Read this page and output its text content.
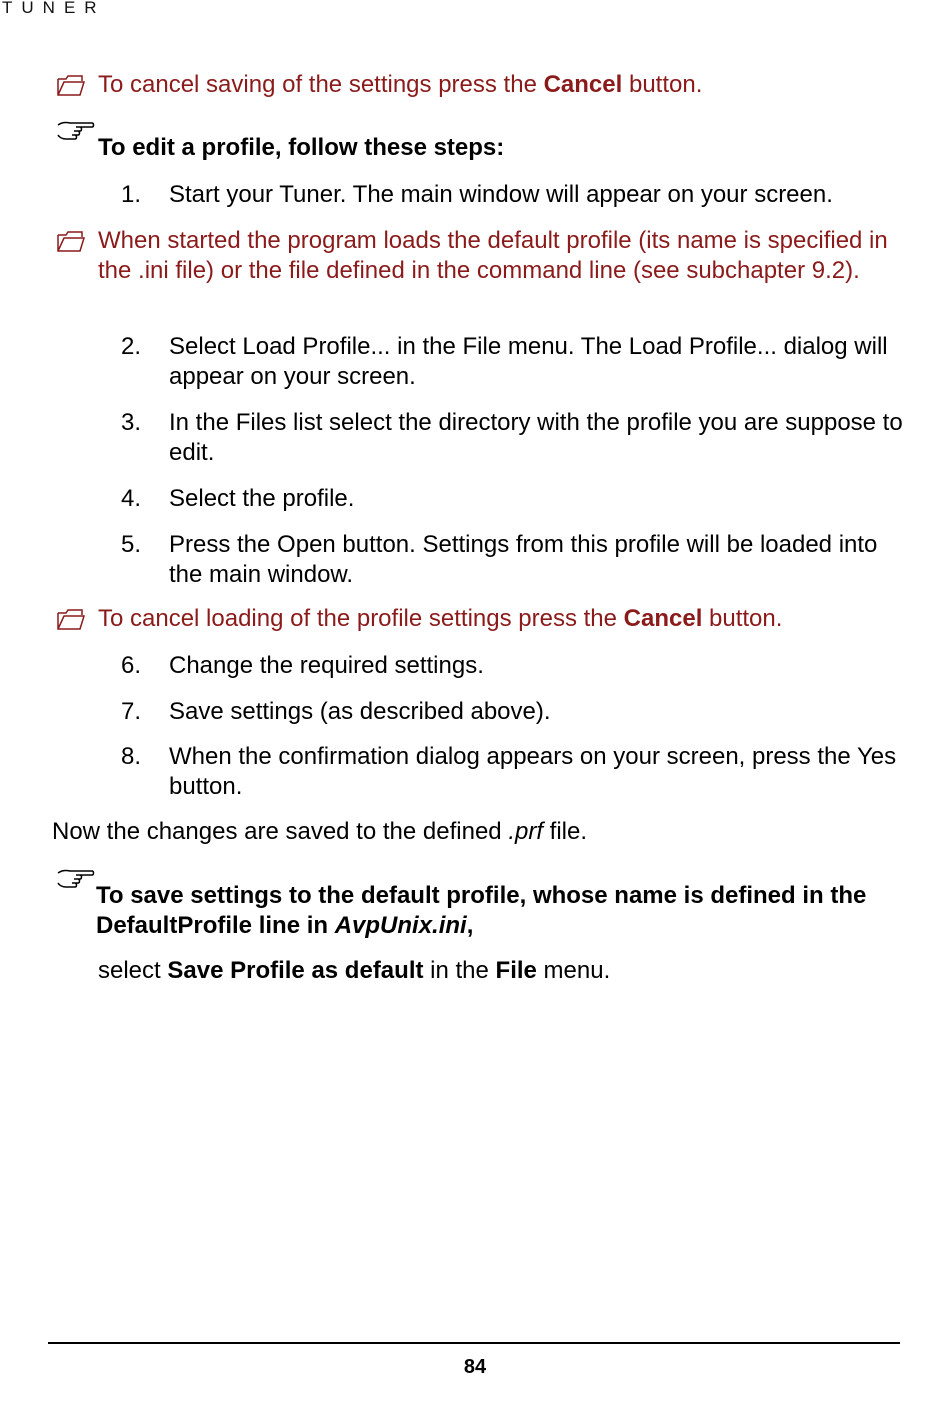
TUNER
To cancel saving of the settings press the Cancel button.
To edit a profile, follow these steps:
1.	Start your Tuner. The main window will appear on your screen.
When started the program loads the default profile (its name is specified in the .ini file) or the file defined in the command line (see subchapter 9.2).
2.	Select Load Profile... in the File menu. The Load Profile... dialog will appear on your screen.
3.	In the Files list select the directory with the profile you are suppose to edit.
4.	Select the profile.
5.	Press the Open button. Settings from this profile will be loaded into the main window.
To cancel loading of the profile settings press the Cancel button.
6.	Change the required settings.
7.	Save settings (as described above).
8.	When the confirmation dialog appears on your screen, press the Yes button.
Now the changes are saved to the defined .prf file.
To save settings to the default profile, whose name is defined in the DefaultProfile line in AvpUnix.ini,
select Save Profile as default in the File menu.
84
